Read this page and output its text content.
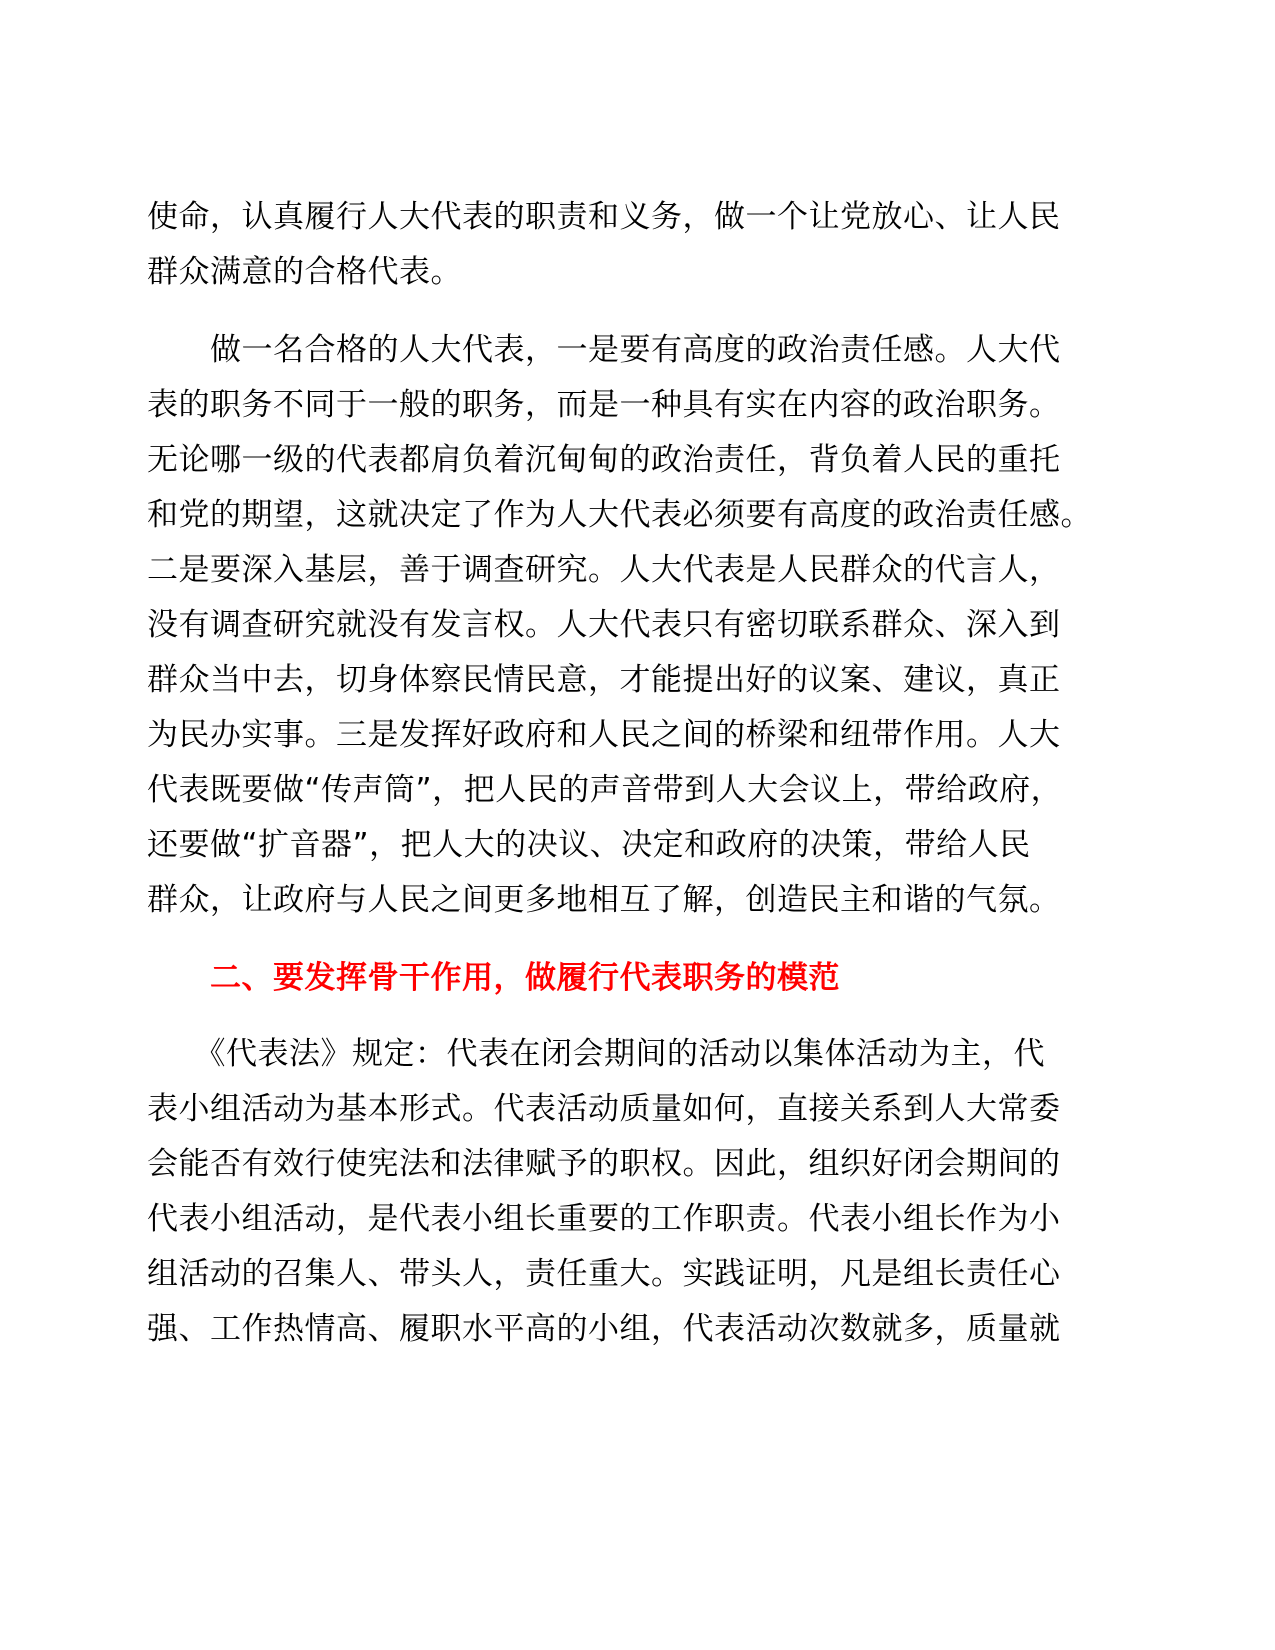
使命，认真履行人大代表的职责和义务，做一个让党放心、让人民
群众满意的合格代表。
　　做一名合格的人大代表，一是要有高度的政治责任感。人大代
表的职务不同于一般的职务，而是一种具有实在内容的政治职务。
无论哪一级的代表都肩负着沉甸甸的政治责任，背负着人民的重托
和党的期望，这就决定了作为人大代表必须要有高度的政治责任感。
二是要深入基层，善于调查研究。人大代表是人民群众的代言人，
没有调查研究就没有发言权。人大代表只有密切联系群众、深入到
群众当中去，切身体察民情民意，才能提出好的议案、建议，真正
为民办实事。三是发挥好政府和人民之间的桥梁和纽带作用。人大
代表既要做“传声筒”，把人民的声音带到人大会议上，带给政府，
还要做“扩音器”，把人大的决议、决定和政府的决策，带给人民
群众，让政府与人民之间更多地相互了解，创造民主和谐的气氛。
二、要发挥骨干作用，做履行代表职务的模范
　　《代表法》规定：代表在闭会期间的活动以集体活动为主，代
表小组活动为基本形式。代表活动质量如何，直接关系到人大常委
会能否有效行使宪法和法律赋予的职权。因此，组织好闭会期间的
代表小组活动，是代表小组长重要的工作职责。代表小组长作为小
组活动的召集人、带头人，责任重大。实践证明，凡是组长责任心
强、工作热情高、履职水平高的小组，代表活动次数就多，质量就
